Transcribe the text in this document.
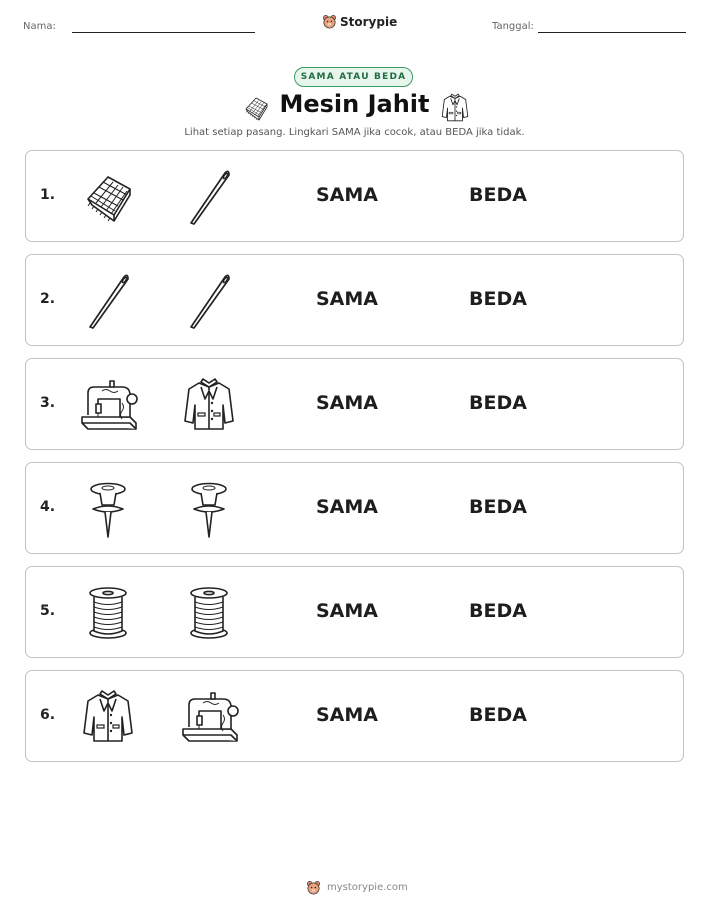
Nama:	Storypie	Tanggal:
SAMA ATAU BEDA
Mesin Jahit
Lihat setiap pasang. Lingkari SAMA jika cocok, atau BEDA jika tidak.
1.	SAMA	BEDA
2.	SAMA	BEDA
3.	SAMA	BEDA
4.	SAMA	BEDA
5.	SAMA	BEDA
6.	SAMA	BEDA
mystorypie.com
